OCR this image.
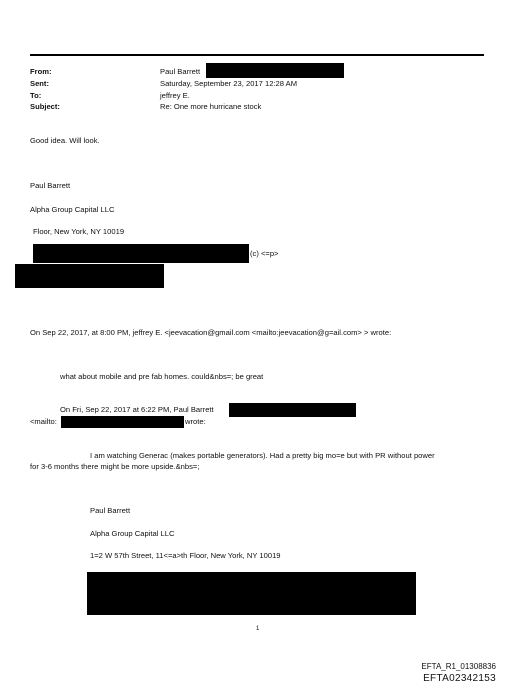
From:	Paul Barrett
Sent:	Saturday, September 23, 2017 12:28 AM
To:	jeffrey E.
Subject:	Re: One more hurricane stock
Good idea. Will look.
Paul Barrett
Alpha Group Capital LLC
Floor, New York, NY 10019
(c) <=p>
On Sep 22, 2017, at 8:00 PM, jeffrey E. <jeevacation@gmail.com <mailto:jeevacation@g=ail.com> > wrote:
what about mobile and pre fab homes. could&nbs=; be great
On Fri, Sep 22, 2017 at 6:22 PM, Paul Barrett
<mailto:	wrote:
I am watching Generac (makes portable generators). Had a pretty big mo=e but with PR without power
for 3-6 months there might be more upside.&nbs=;
Paul Barrett
Alpha Group Capital LLC
1=2 W 57th Street, 11<=a>th Floor, New York, NY 10019
1
EFTA_R1_01308836
EFTA02342153
